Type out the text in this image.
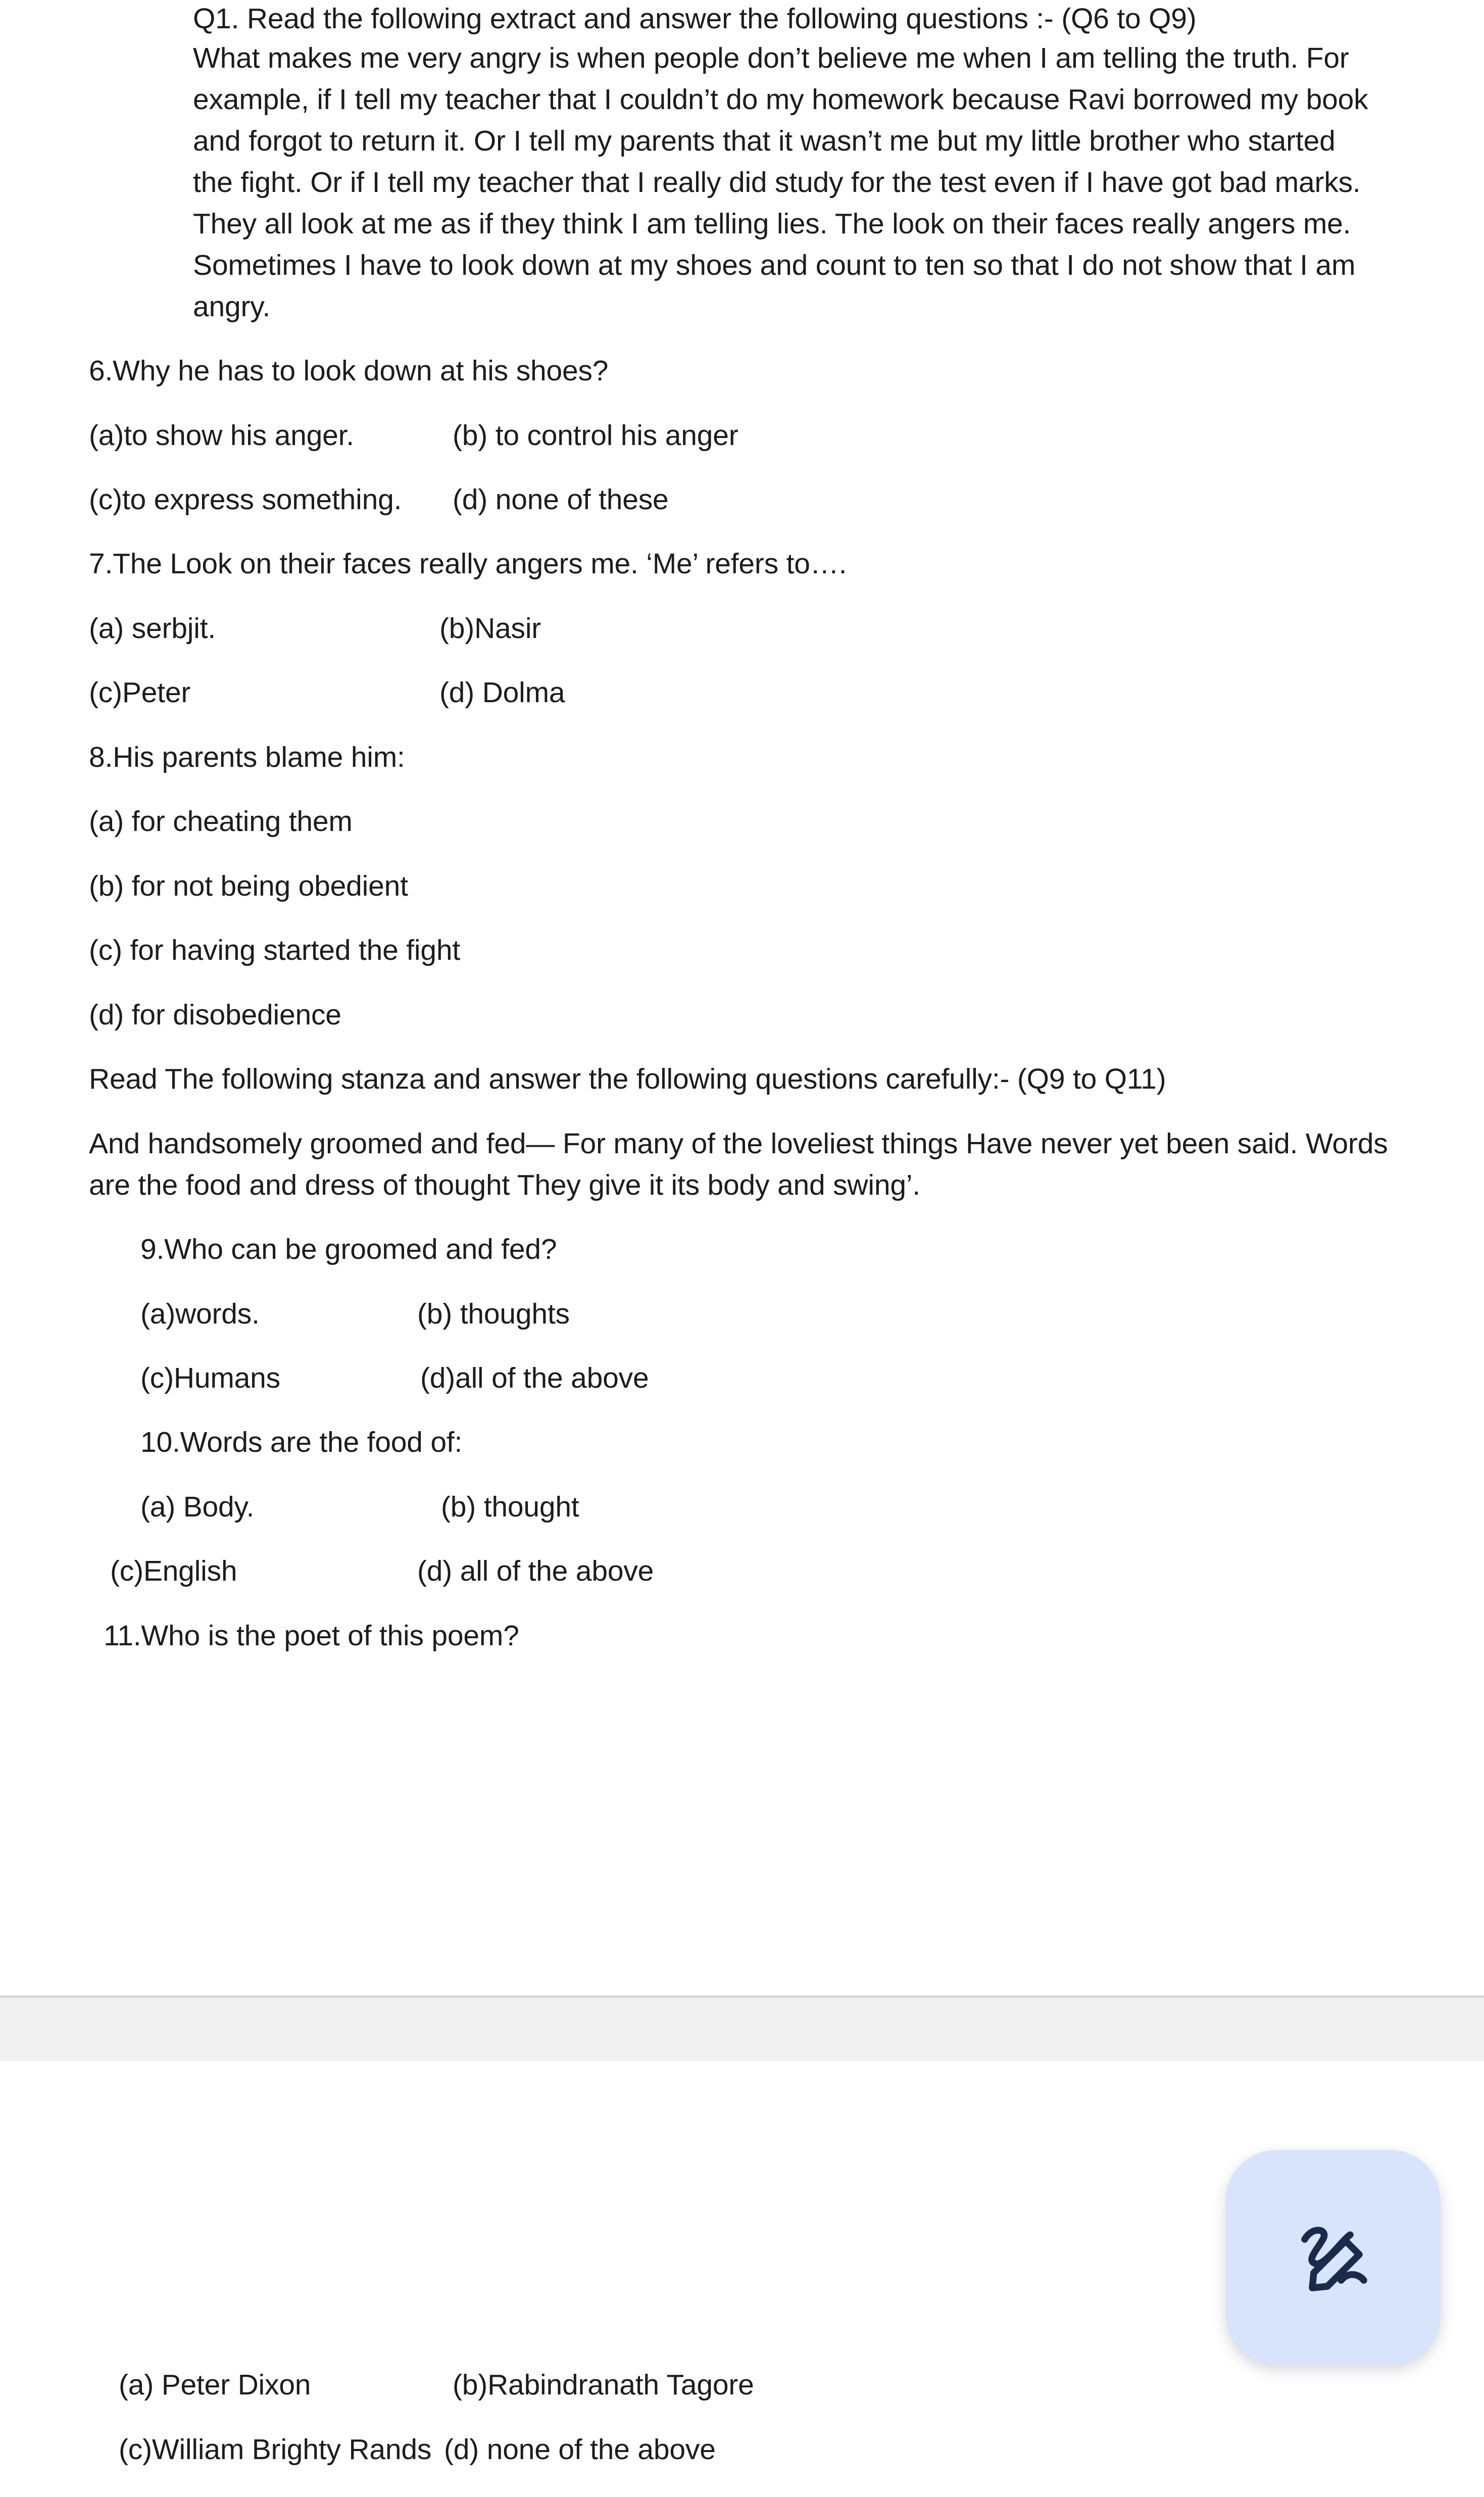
Q1. Read the following extract and answer the following questions :- (Q6 to Q9)
What makes me very angry is when people don’t believe me when I am telling the truth. For
example, if I tell my teacher that I couldn’t do my homework because Ravi borrowed my book
and forgot to return it. Or I tell my parents that it wasn’t me but my little brother who started
the fight. Or if I tell my teacher that I really did study for the test even if I have got bad marks.
They all look at me as if they think I am telling lies. The look on their faces really angers me.
Sometimes I have to look down at my shoes and count to ten so that I do not show that I am
angry.
6.Why he has to look down at his shoes?
(a)to show his anger.	(b) to control his anger
(c)to express something. (d) none of these
7.The Look on their faces really angers me. ‘Me’ refers to….
(a) serbjit.	(b)Nasir
(c)Peter	(d) Dolma
8.His parents blame him:
(a) for cheating them
(b) for not being obedient
(c) for having started the fight
(d) for disobedience
Read The following stanza and answer the following questions carefully:- (Q9 to Q11)
And handsomely groomed and fed— For many of the loveliest things Have never yet been said. Words
are the food and dress of thought They give it its body and swing’.
9.Who can be groomed and fed?
(a)words.	(b) thoughts
(c)Humans	(d)all of the above
10.Words are the food of:
(a) Body.	(b) thought
(c)English	(d) all of the above
11.Who is the poet of this poem?
(a) Peter Dixon	(b)Rabindranath Tagore
(c)William Brighty Rands (d) none of the above
